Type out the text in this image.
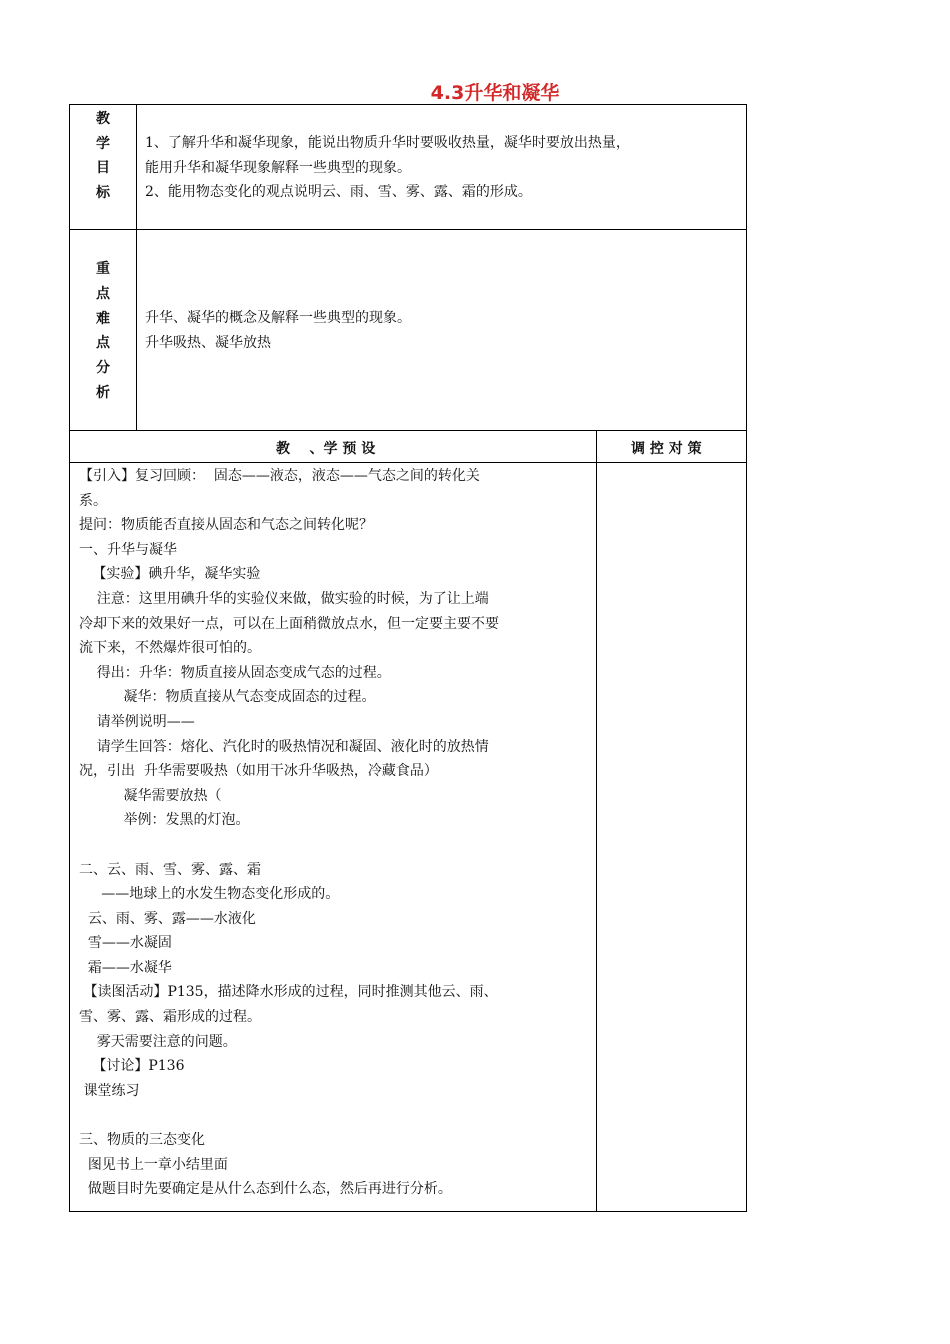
4.3升华和凝华
教
学
目
标

1、了解升华和凝华现象，能说出物质升华时要吸收热量，凝华时要放出热量，

能用升华和凝华现象解释一些典型的现象。

2、能用物态变化的观点说明云、雨、雪、雾、露、霜的形成。

重
点
难
点
分
析

升华、凝华的概念及解释一些典型的现象。

升华吸热、凝华放热

教    、学 预 设	调 控 对 策

【引入】复习回顾：  固态——液态，液态——气态之间的转化关

系。

提问：物质能否直接从固态和气态之间转化呢？

一、升华与凝华

【实验】碘升华，凝华实验

注意：这里用碘升华的实验仪来做，做实验的时候，为了让上端

冷却下来的效果好一点，可以在上面稍微放点水，但一定要主要不要

流下来，不然爆炸很可怕的。

得出：升华：物质直接从固态变成气态的过程。

凝华：物质直接从气态变成固态的过程。

请举例说明——

请学生回答：熔化、汽化时的吸热情况和凝固、液化时的放热情

况，引出  升华需要吸热（如用干冰升华吸热，冷藏食品）

凝华需要放热（

举例：发黑的灯泡。

二、云、雨、雪、雾、露、霜

——地球上的水发生物态变化形成的。

云、雨、雾、露——水液化

雪——水凝固

霜——水凝华

【读图活动】P135，描述降水形成的过程，同时推测其他云、雨、

雪、雾、露、霜形成的过程。

雾天需要注意的问题。

【讨论】P136

课堂练习

三、物质的三态变化

图见书上一章小结里面

做题目时先要确定是从什么态到什么态，然后再进行分析。
